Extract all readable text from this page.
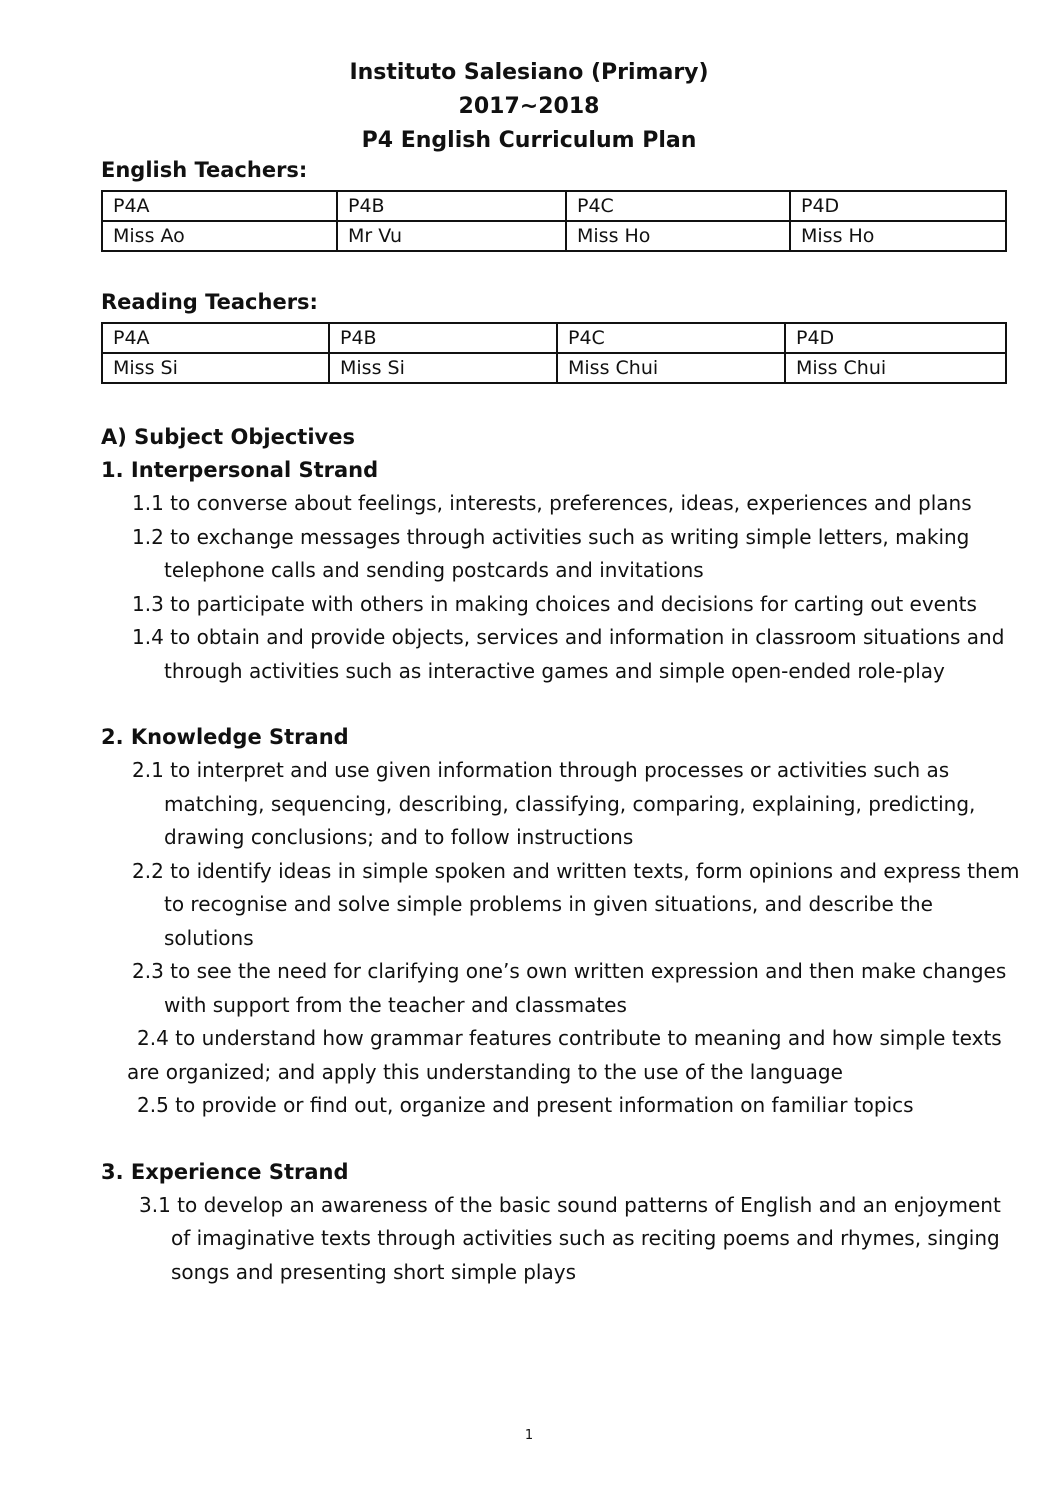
Instituto Salesiano (Primary)
2017~2018
P4 English Curriculum Plan
English Teachers:
P4A	P4B	P4C	P4D
Miss Ao	Mr Vu	Miss Ho	Miss Ho
Reading Teachers:
P4A	P4B	P4C	P4D
Miss Si	Miss Si	Miss Chui	Miss Chui
A) Subject Objectives
1. Interpersonal Strand

1.1 to converse about feelings, interests, preferences, ideas, experiences and plans

1.2 to exchange messages through activities such as writing simple letters, making telephone calls and sending postcards and invitations

1.3 to participate with others in making choices and decisions for carting out events

1.4 to obtain and provide objects, services and information in classroom situations and through activities such as interactive games and simple open-ended role-play

2. Knowledge Strand

2.1 to interpret and use given information through processes or activities such as matching, sequencing, describing, classifying, comparing, explaining, predicting, drawing conclusions; and to follow instructions

2.2 to identify ideas in simple spoken and written texts, form opinions and express them to recognise and solve simple problems in given situations, and describe the solutions

2.3 to see the need for clarifying one’s own written expression and then make changes with support from the teacher and classmates

2.4 to understand how grammar features contribute to meaning and how simple texts are organized; and apply this understanding to the use of the language

2.5 to provide or find out, organize and present information on familiar topics

3. Experience Strand

3.1 to develop an awareness of the basic sound patterns of English and an enjoyment of imaginative texts through activities such as reciting poems and rhymes, singing songs and presenting short simple plays

1
